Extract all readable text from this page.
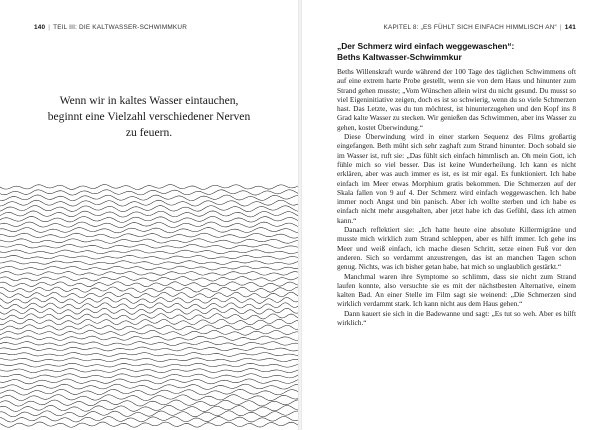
140 | TEIL III: DIE KALTWASSER-SCHWIMMKUR
Wenn wir in kaltes Wasser eintauchen,
beginnt eine Vielzahl verschiedener Nerven
zu feuern.
KAPITEL 8: „ES FÜHLT SICH EINFACH HIMMLISCH AN“ | 141
„Der Schmerz wird einfach weggewaschen“:
Beths Kaltwasser-Schwimmkur

Beths Willenskraft wurde während der 100 Tage des täglichen Schwimmens oft auf eine extrem harte Probe gestellt, wenn sie von dem Haus und hinunter zum Strand gehen musste; „Vom Wünschen allein wirst du nicht gesund. Du musst so viel Eigeninitiative zeigen, doch es ist so schwierig, wenn du so viele Schmerzen hast. Das Letzte, was du tun möchtest, ist hinunterzugehen und den Kopf ins 8 Grad kalte Wasser zu stecken. Wir genießen das Schwimmen, aber ins Wasser zu gehen, kostet Überwindung.“

Diese Überwindung wird in einer starken Sequenz des Films großartig eingefangen. Beth müht sich sehr zaghaft zum Strand hinunter. Doch sobald sie im Wasser ist, ruft sie: „Das fühlt sich einfach himmlisch an. Oh mein Gott, ich fühle mich so viel besser. Das ist keine Wunderheilung. Ich kann es nicht erklären, aber was auch immer es ist, es ist mir egal. Es funktioniert. Ich habe einfach im Meer etwas Morphium gratis bekommen. Die Schmerzen auf der Skala fallen von 9 auf 4. Der Schmerz wird einfach weggewaschen. Ich habe immer noch Angst und bin panisch. Aber ich wollte sterben und ich habe es einfach nicht mehr ausgehalten, aber jetzt habe ich das Gefühl, dass ich atmen kann.“

Danach reflektiert sie: „Ich hatte heute eine absolute Killermigräne und musste mich wirklich zum Strand schleppen, aber es hilft immer. Ich gehe ins Meer und weiß einfach, ich mache diesen Schritt, setze einen Fuß vor den anderen. Sich so verdammt anzustrengen, das ist an manchen Tagen schon genug. Nichts, was ich bisher getan habe, hat mich so unglaublich gestärkt.“

Manchmal waren ihre Symptome so schlimm, dass sie nicht zum Strand laufen konnte, also versuchte sie es mit der nächstbesten Alternative, einem kalten Bad. An einer Stelle im Film sagt sie weinend: „Die Schmerzen sind wirklich verdammt stark. Ich kann nicht aus dem Haus gehen.“

Dann kauert sie sich in die Badewanne und sagt: „Es tut so weh. Aber es hilft wirklich.“
